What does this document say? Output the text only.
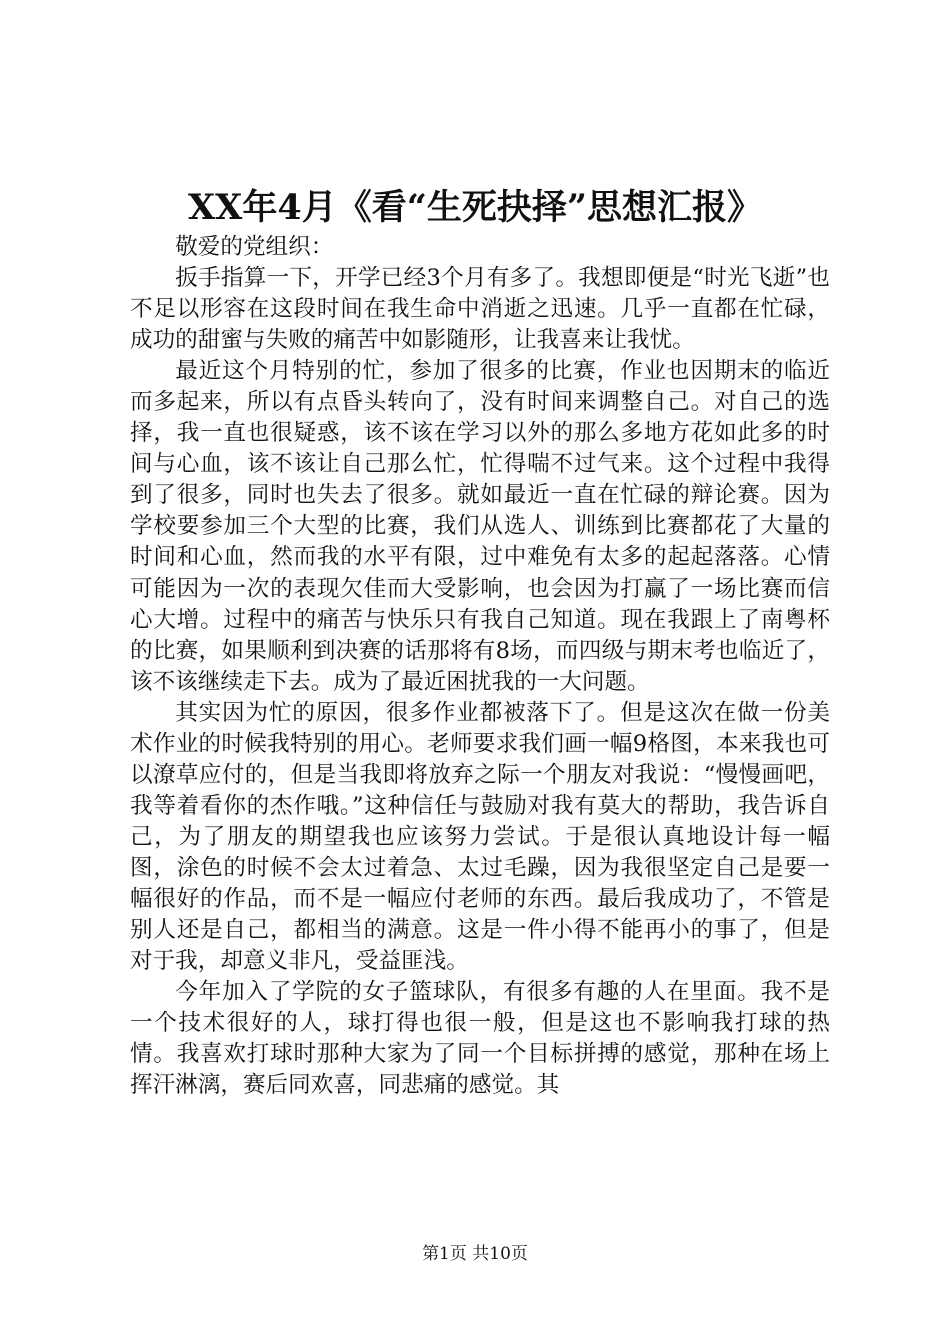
XX年4月《看“生死抉择”思想汇报》

敬爱的党组织：

扳手指算一下，开学已经3个月有多了。我想即便是“时光飞逝”也不足以形容在这段时间在我生命中消逝之迅速。几乎一直都在忙碌，成功的甜蜜与失败的痛苦中如影随形，让我喜来让我忧。

最近这个月特别的忙，参加了很多的比赛，作业也因期末的临近而多起来，所以有点昏头转向了，没有时间来调整自己。对自己的选择，我一直也很疑惑，该不该在学习以外的那么多地方花如此多的时间与心血，该不该让自己那么忙，忙得喘不过气来。这个过程中我得到了很多，同时也失去了很多。就如最近一直在忙碌的辩论赛。因为学校要参加三个大型的比赛，我们从选人、训练到比赛都花了大量的时间和心血，然而我的水平有限，过中难免有太多的起起落落。心情可能因为一次的表现欠佳而大受影响，也会因为打赢了一场比赛而信心大增。过程中的痛苦与快乐只有我自己知道。现在我跟上了南粤杯的比赛，如果顺利到决赛的话那将有8场，而四级与期末考也临近了，该不该继续走下去。成为了最近困扰我的一大问题。

其实因为忙的原因，很多作业都被落下了。但是这次在做一份美术作业的时候我特别的用心。老师要求我们画一幅9格图，本来我也可以潦草应付的，但是当我即将放弃之际一个朋友对我说：“慢慢画吧，我等着看你的杰作哦。”这种信任与鼓励对我有莫大的帮助，我告诉自己，为了朋友的期望我也应该努力尝试。于是很认真地设计每一幅图，涂色的时候不会太过着急、太过毛躁，因为我很坚定自己是要一幅很好的作品，而不是一幅应付老师的东西。最后我成功了，不管是别人还是自己，都相当的满意。这是一件小得不能再小的事了，但是对于我，却意义非凡，受益匪浅。

今年加入了学院的女子篮球队，有很多有趣的人在里面。我不是一个技术很好的人，球打得也很一般，但是这也不影响我打球的热情。我喜欢打球时那种大家为了同一个目标拼搏的感觉，那种在场上挥汗淋漓，赛后同欢喜，同悲痛的感觉。其

第1页 共10页
